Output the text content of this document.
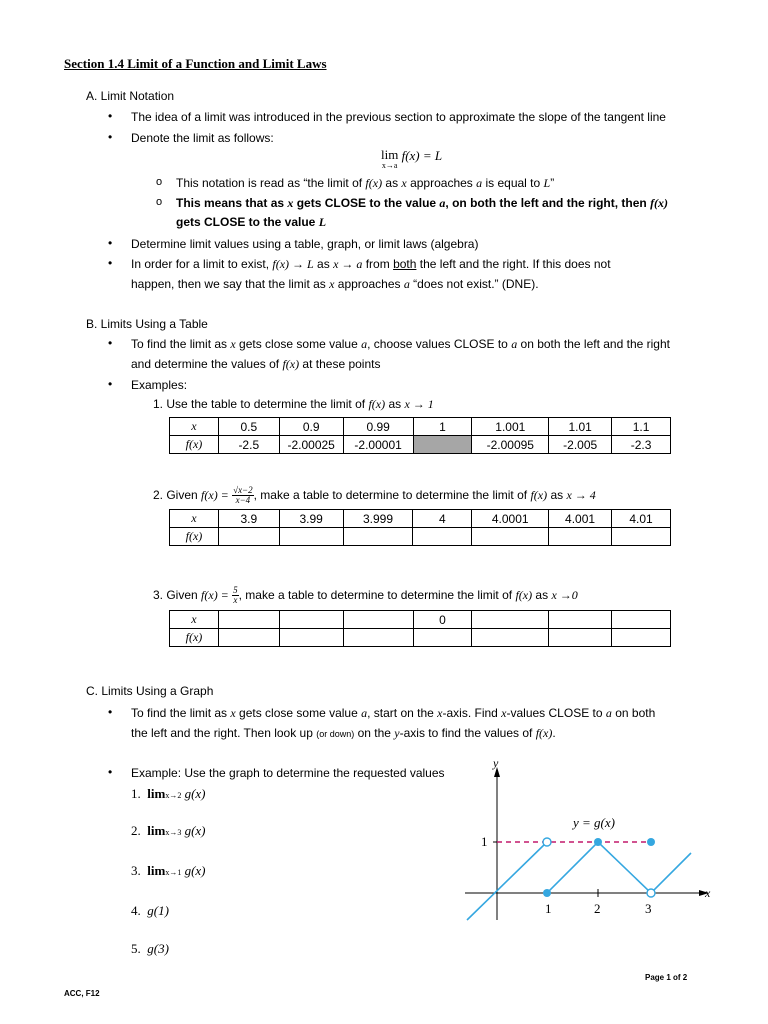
Section 1.4 Limit of a Function and Limit Laws
A. Limit Notation
• The idea of a limit was introduced in the previous section to approximate the slope of the tangent line
• Denote the limit as follows:
lim
x→a
f(x) = L
o This notation is read as “the limit of f(x) as x approaches a is equal to L”
o This means that as x gets CLOSE to the value a, on both the left and the right, then f(x)
gets CLOSE to the value L
• Determine limit values using a table, graph, or limit laws (algebra)
• In order for a limit to exist, f(x) → L as x → a from both the left and the right. If this does not
happen, then we say that the limit as x approaches a “does not exist.” (DNE).
B. Limits Using a Table
• To find the limit as x gets close some value a, choose values CLOSE to a on both the left and the right
and determine the values of f(x) at these points
• Examples:
1. Use the table to determine the limit of f(x) as x → 1
x	0.5	0.9	0.99	1	1.001	1.01	1.1
f(x)	-2.5	-2.00025	-2.00001		-2.00095	-2.005	-2.3
2. Given $f(x) = \frac{√x-2}{x-4}$ , make a table to determine to determine the limit of f(x) as x → 4
x	3.9	3.99	3.999	4	4.0001	4.001	4.01
f(x)							
3. Given $f(x) = \frac{5}{x}$ , make a table to determine to determine the limit of f(x) as x →0
x				0			
f(x)							
C. Limits Using a Graph
• To find the limit as x gets close some value a, start on the x-axis. Find x-values CLOSE to a on both
the left and the right. Then look up (or down) on the y-axis to find the values of f(x).
• Example: Use the graph to determine the requested values
1. limx→2 g(x)
2. limx→3 g(x)
3. limx→1 g(x)
4. g(1)
5. g(3)
y
x
1
1	2	3
y = g(x)
Page 1 of 2
ACC, F12
